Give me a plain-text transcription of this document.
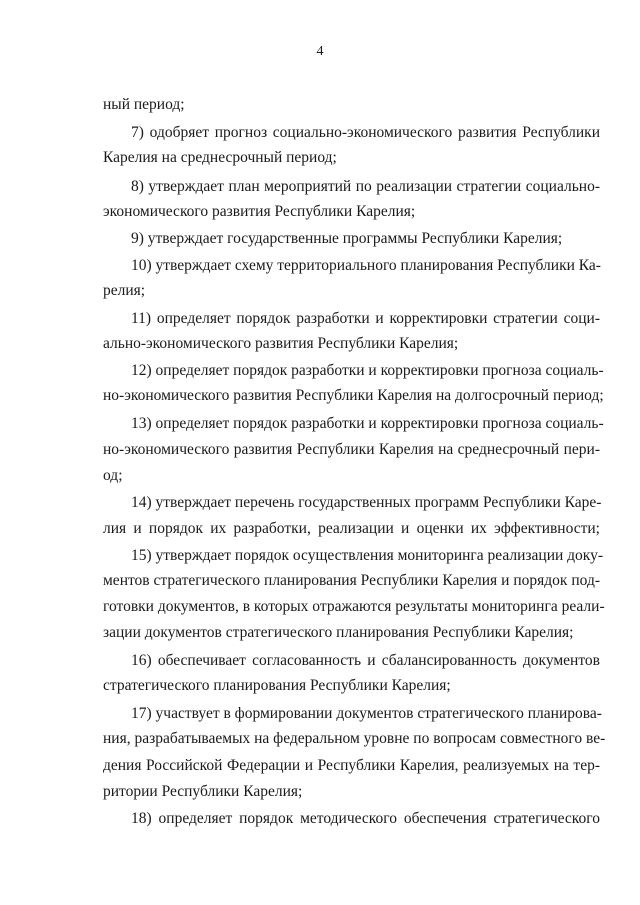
4
ный период;
7) одобряет прогноз социально-экономического развития Республики
Карелия на среднесрочный период;
8) утверждает план мероприятий по реализации стратегии социально-
экономического развития Республики Карелия;
9) утверждает государственные программы Республики Карелия;
10) утверждает схему территориального планирования Республики Ка-
релия;
11) определяет порядок разработки и корректировки стратегии соци-
ально-экономического развития Республики Карелия;
12) определяет порядок разработки и корректировки прогноза социаль-
но-экономического развития Республики Карелия на долгосрочный период;
13) определяет порядок разработки и корректировки прогноза социаль-
но-экономического развития Республики Карелия на среднесрочный пери-
од;
14) утверждает перечень государственных программ Республики Каре-
лия и порядок их разработки, реализации и оценки их эффективности;
15) утверждает порядок осуществления мониторинга реализации доку-
ментов стратегического планирования Республики Карелия и порядок под-
готовки документов, в которых отражаются результаты мониторинга реали-
зации документов стратегического планирования Республики Карелия;
16) обеспечивает согласованность и сбалансированность документов
стратегического планирования Республики Карелия;
17) участвует в формировании документов стратегического планирова-
ния, разрабатываемых на федеральном уровне по вопросам совместного ве-
дения Российской Федерации и Республики Карелия, реализуемых на тер-
ритории Республики Карелия;
18) определяет порядок методического обеспечения стратегического
